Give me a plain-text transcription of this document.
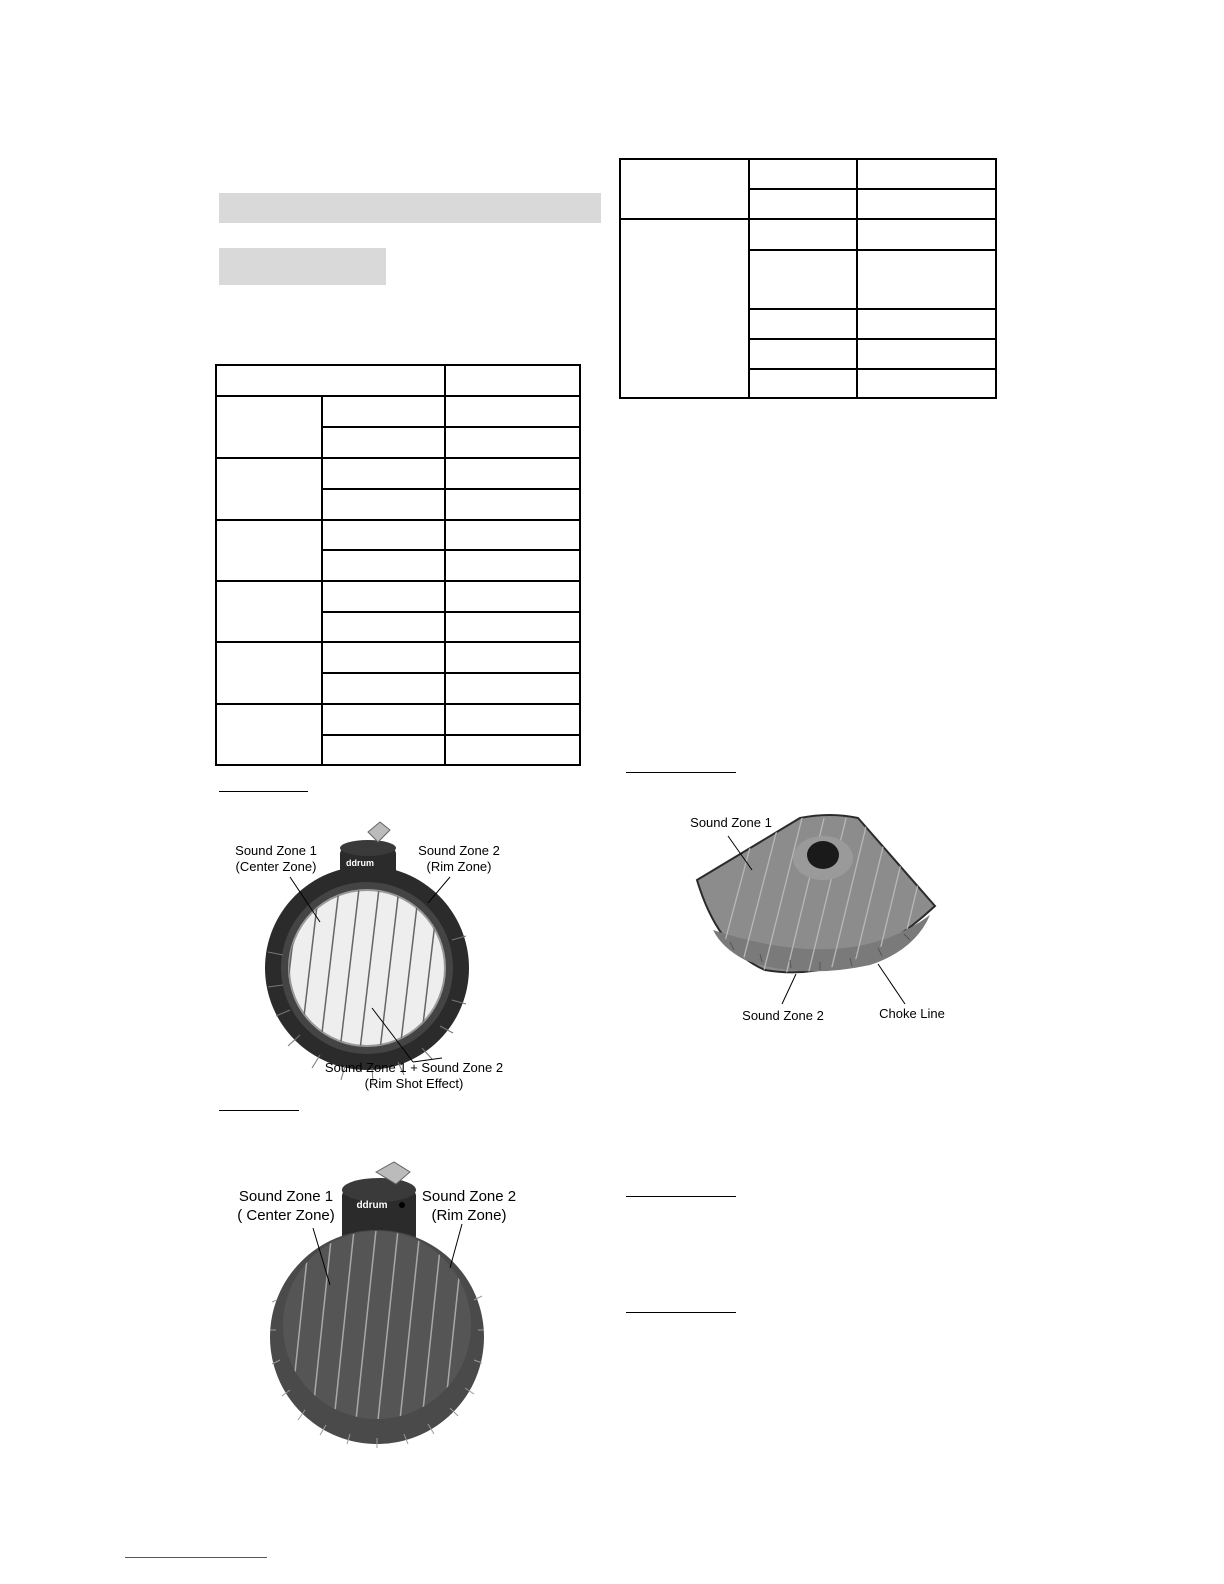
ddrum
Sound Zone 1
(Center Zone)
Sound Zone 2
(Rim Zone)
Sound Zone 1 + Sound Zone 2
(Rim Shot Effect)
ddrum
Sound Zone 1
( Center Zone)
Sound Zone 2
(Rim Zone)
Sound Zone 1
Sound Zone 2	Choke Line
